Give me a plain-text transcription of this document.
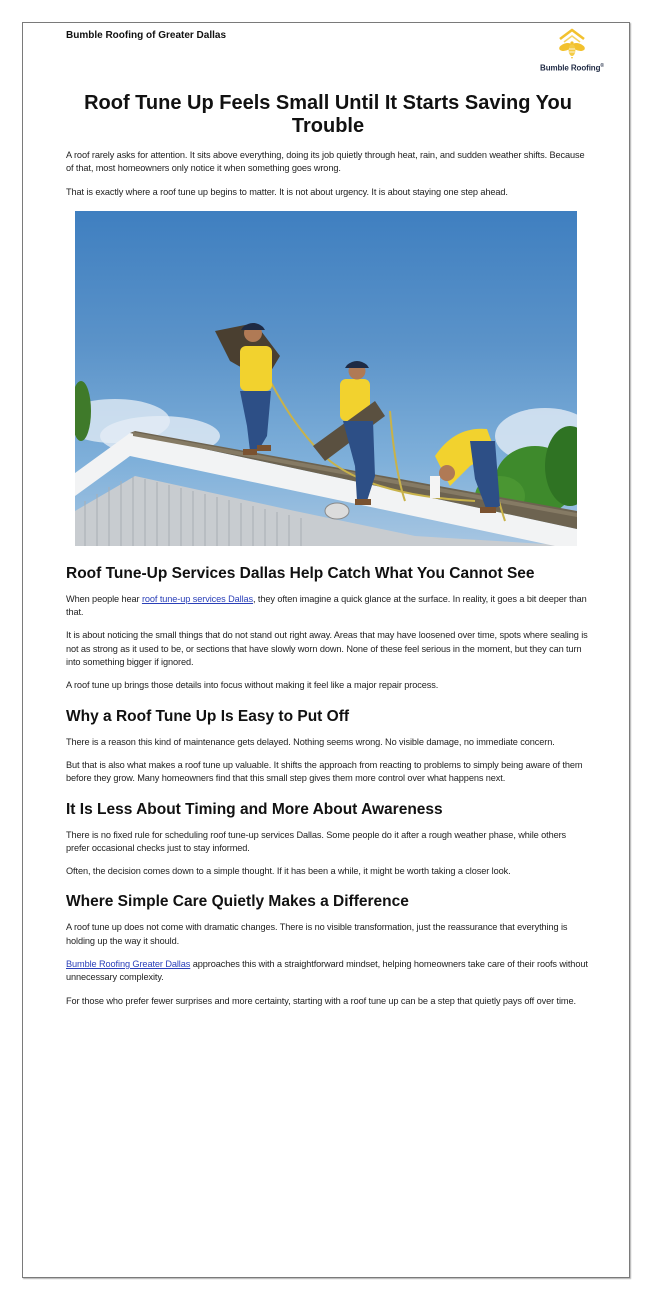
Bumble Roofing of Greater Dallas
Bumble Roofing®
Roof Tune Up Feels Small Until It Starts Saving You Trouble

A roof rarely asks for attention. It sits above everything, doing its job quietly through heat, rain, and sudden weather shifts. Because of that, most homeowners only notice it when something goes wrong.

That is exactly where a roof tune up begins to matter. It is not about urgency. It is about staying one step ahead.

Roof Tune-Up Services Dallas Help Catch What You Cannot See

When people hear roof tune-up services Dallas, they often imagine a quick glance at the surface. In reality, it goes a bit deeper than that.

It is about noticing the small things that do not stand out right away. Areas that may have loosened over time, spots where sealing is not as strong as it used to be, or sections that have slowly worn down. None of these feel serious in the moment, but they can turn into something bigger if ignored.

A roof tune up brings those details into focus without making it feel like a major repair process.

Why a Roof Tune Up Is Easy to Put Off

There is a reason this kind of maintenance gets delayed. Nothing seems wrong. No visible damage, no immediate concern.

But that is also what makes a roof tune up valuable. It shifts the approach from reacting to problems to simply being aware of them before they grow. Many homeowners find that this small step gives them more control over what happens next.

It Is Less About Timing and More About Awareness

There is no fixed rule for scheduling roof tune-up services Dallas. Some people do it after a rough weather phase, while others prefer occasional checks just to stay informed.

Often, the decision comes down to a simple thought. If it has been a while, it might be worth taking a closer look.

Where Simple Care Quietly Makes a Difference

A roof tune up does not come with dramatic changes. There is no visible transformation, just the reassurance that everything is holding up the way it should.

Bumble Roofing Greater Dallas approaches this with a straightforward mindset, helping homeowners take care of their roofs without unnecessary complexity.

For those who prefer fewer surprises and more certainty, starting with a roof tune up can be a step that quietly pays off over time.
